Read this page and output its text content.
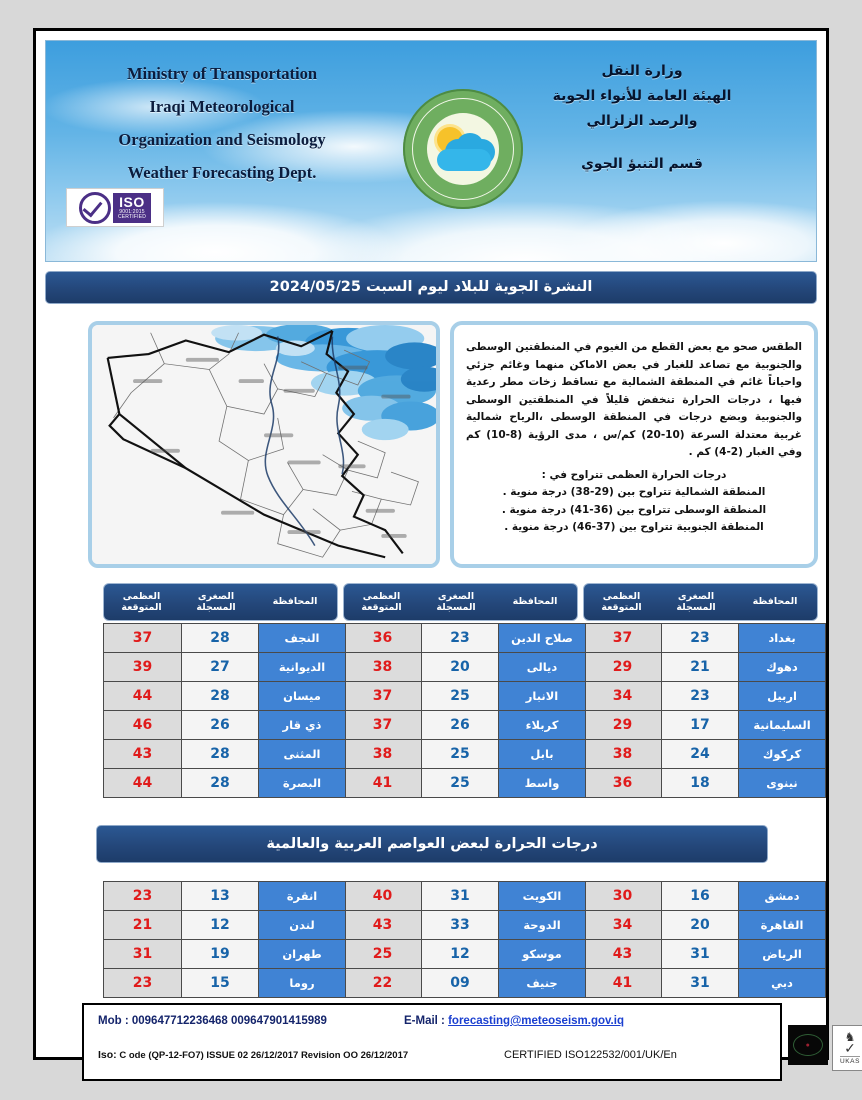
Ministry of Transportation
Iraqi Meteorological
Organization and Seismology
Weather Forecasting Dept.
ISO
9001:2015
CERTIFIED
وزارة النقل
الهيئة العامة للأنواء الجوية
والرصد الزلزالي
قسم التنبؤ الجوي
النشرة الجوية للبلاد ليوم السبت 2024/05/25
الطقس صحو مع بعض القطع من الغيوم في المنطقتين الوسطى والجنوبية مع تصاعد للغبار في بعض الاماكن منهما وغائم جزئي واحياناً غائم في المنطقة الشمالية مع تساقط زخات مطر رعدية فيها ، درجات الحرارة تنخفض قليلاً في المنطقتين الوسطى والجنوبية وبضع درجات في المنطقة الوسطى ،الرياح شمالية غربية معتدلة السرعة (10-20) كم/س ، مدى الرؤية (8-10) كم وفي الغبار (2-4) كم .
درجات الحرارة العظمى تتراوح في :
المنطقة الشمالية تتراوح بين (29-38) درجة منوية .
المنطقة الوسطى تتراوح بين (36-41) درجة منوية .
المنطقة الجنوبية تتراوح بين (37-46) درجة منوية .
المحافظة
الصغرى
المسجلة
العظمى
المتوقعة
بغداد	23	37
دهوك	21	29
اربيل	23	34
السليمانية	17	29
كركوك	24	38
نينوى	18	36
المحافظة
الصغرى
المسجلة
العظمى
المتوقعة
صلاح الدين	23	36
ديالى	20	38
الانبار	25	37
كربلاء	26	37
بابل	25	38
واسط	25	41
المحافظة
الصغرى
المسجلة
العظمى
المتوقعة
النجف	28	37
الديوانية	27	39
ميسان	28	44
ذي قار	26	46
المثنى	28	43
البصرة	28	44
درجات الحرارة لبعض العواصم العربية والعالمية
دمشق	16	30
القاهرة	20	34
الرياض	31	43
دبي	31	41
الكويت	31	40
الدوحة	33	43
موسكو	12	25
جنيف	09	22
انقرة	13	23
لندن	12	21
طهران	19	31
روما	15	23
Mob : 009647712236468 009647901415989	E-Mail : forecasting@meteoseism.gov.iq
Iso: C ode (QP-12-FO7) ISSUE 02 26/12/2017 Revision OO 26/12/2017	CERTIFIED ISO122532/001/UK/En
●
♞
✓
UKAS
